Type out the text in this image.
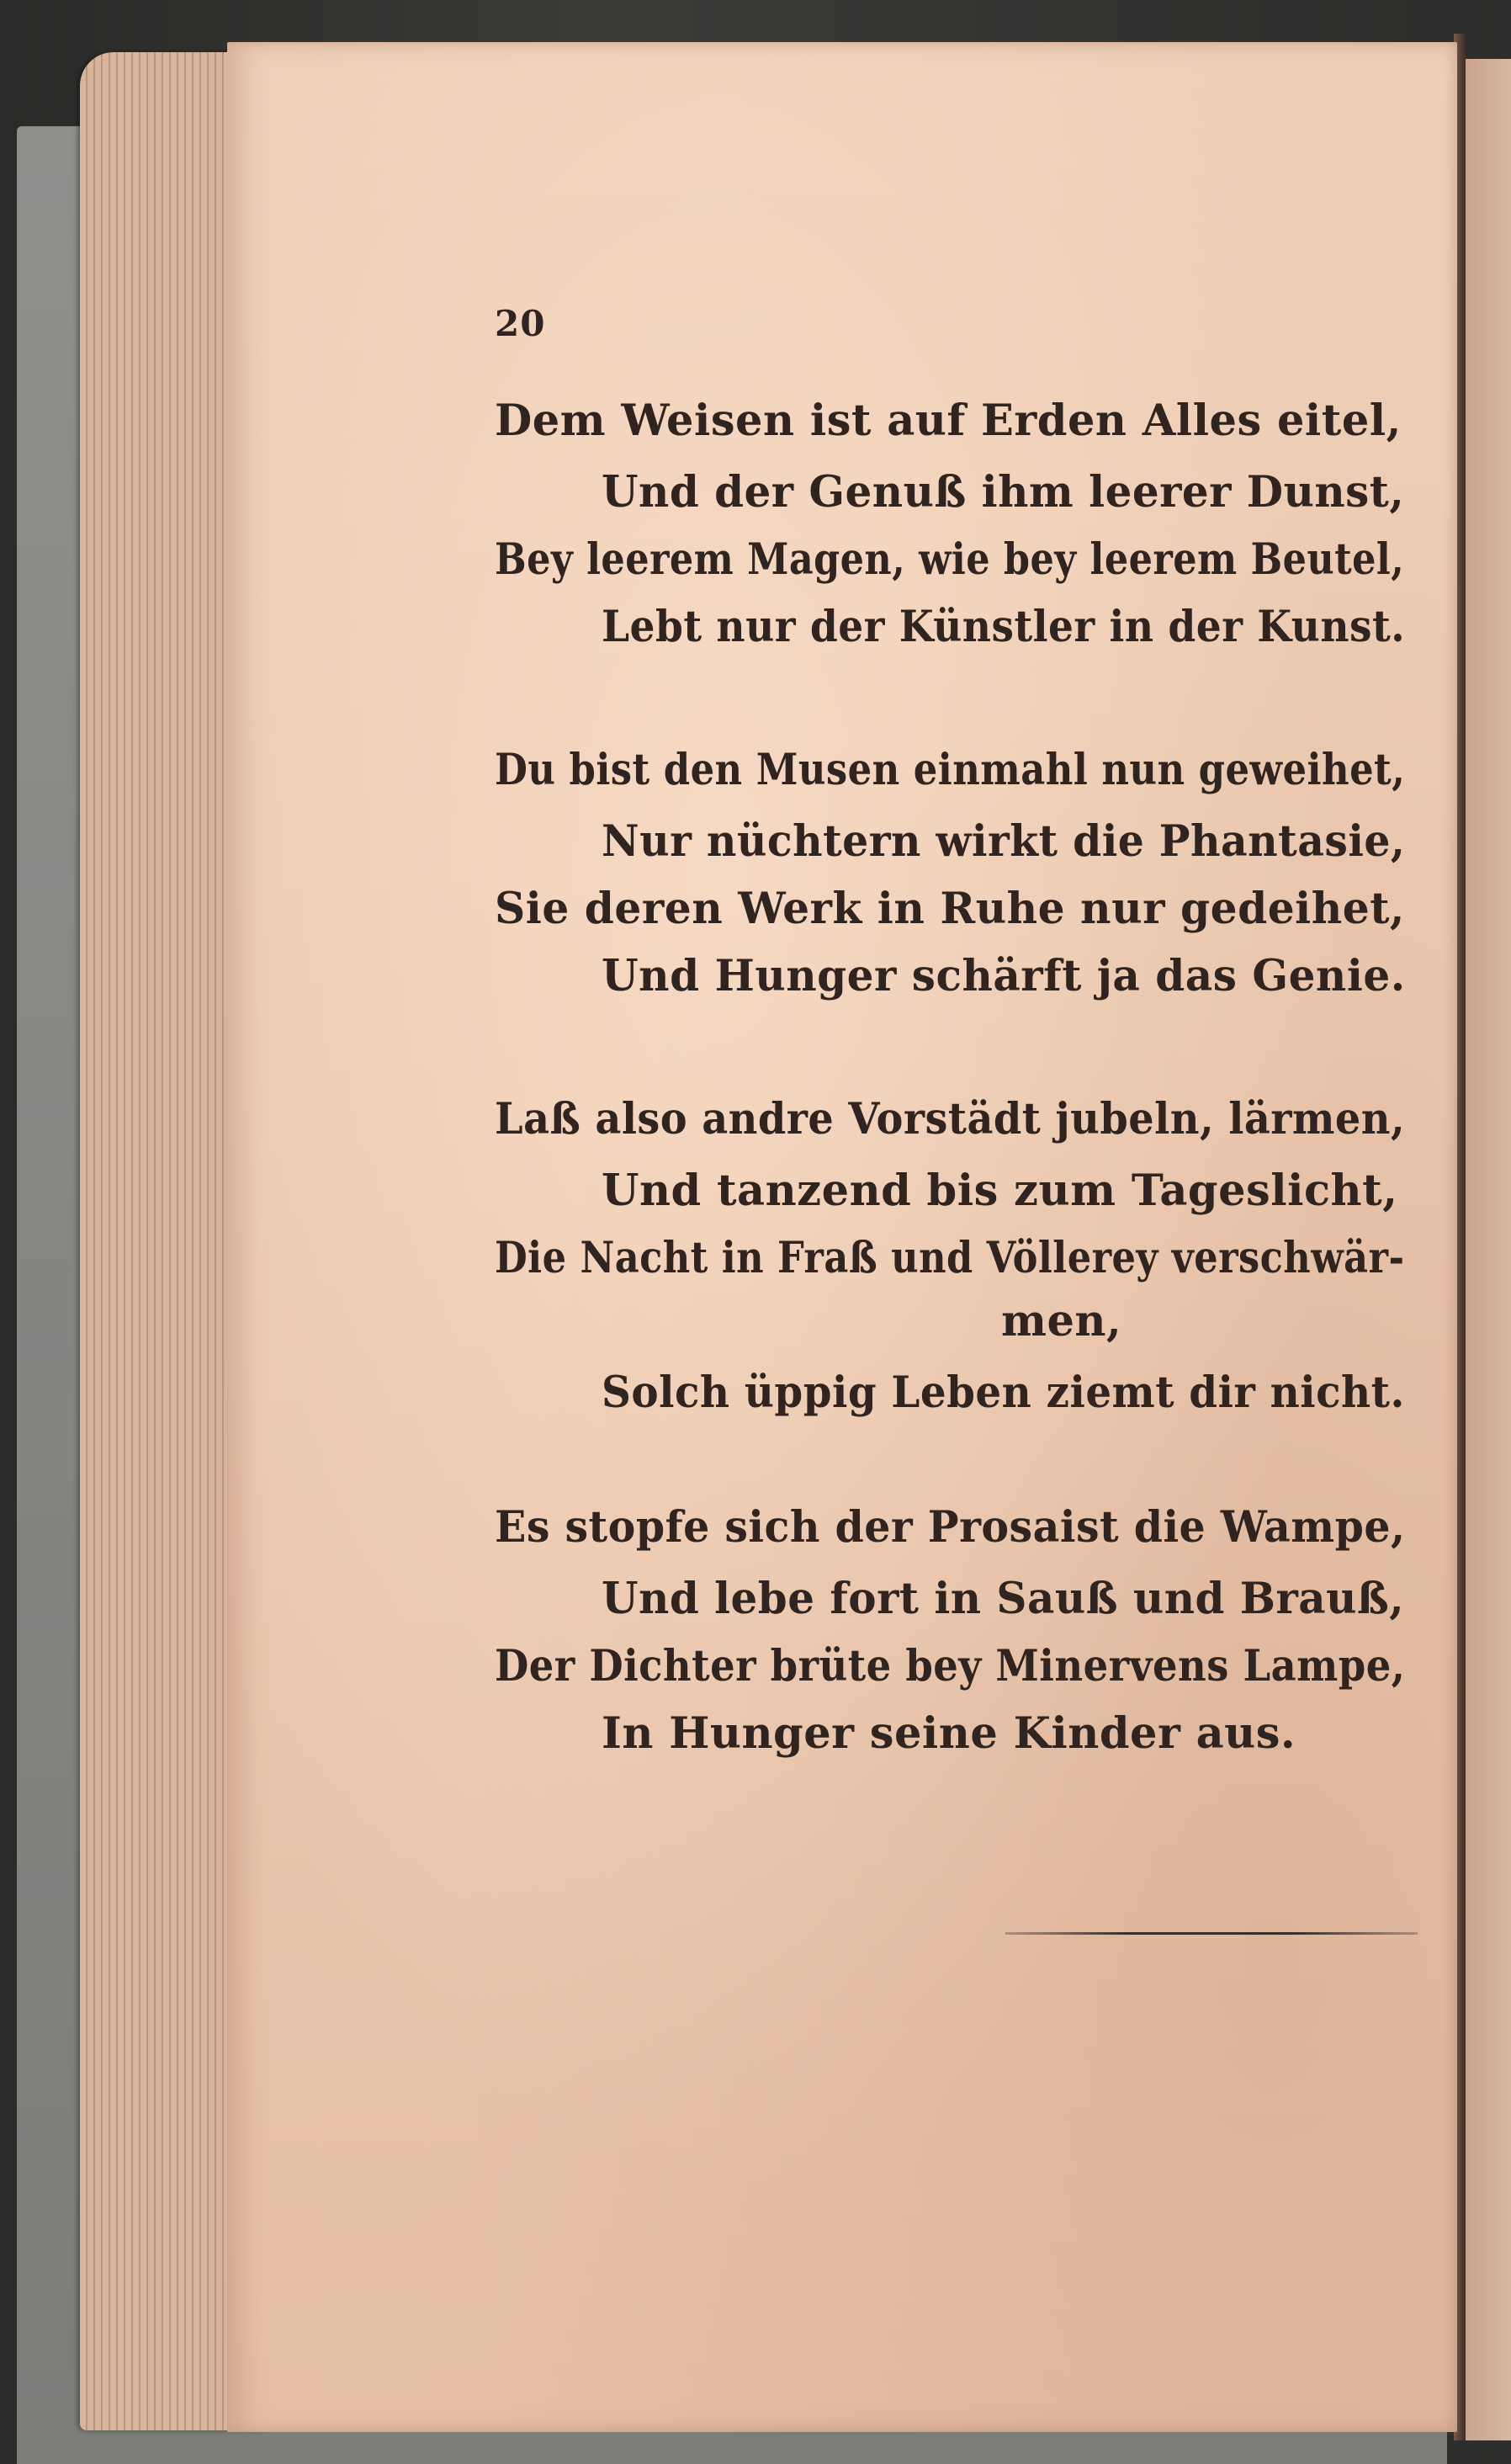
20
Dem Weisen ist auf Erden Alles eitel,
Und der Genuß ihm leerer Dunst,
Bey leerem Magen, wie bey leerem Beutel,
Lebt nur der Künstler in der Kunst.
Du bist den Musen einmahl nun geweihet,
Nur nüchtern wirkt die Phantasie,
Sie deren Werk in Ruhe nur gedeihet,
Und Hunger schärft ja das Genie.
Laß also andre Vorstädt jubeln, lärmen,
Und tanzend bis zum Tageslicht,
Die Nacht in Fraß und Völlerey verschwär-
men,
Solch üppig Leben ziemt dir nicht.
Es stopfe sich der Prosaist die Wampe,
Und lebe fort in Sauß und Brauß,
Der Dichter brüte bey Minervens Lampe,
In Hunger seine Kinder aus.
